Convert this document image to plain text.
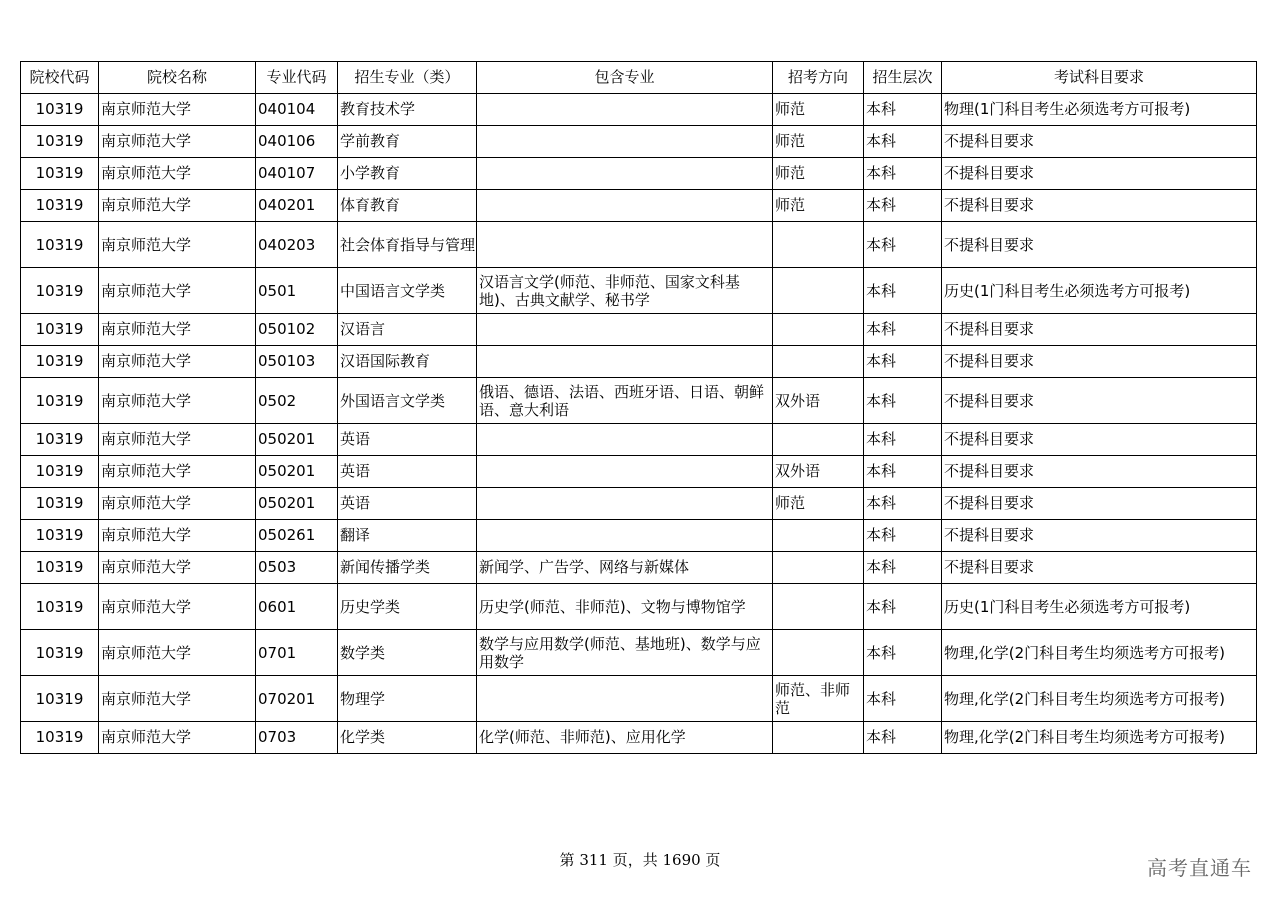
院校代码	院校名称	专业代码	招生专业（类）	包含专业	招考方向	招生层次	考试科目要求
10319	南京师范大学	040104	教育技术学		师范	本科	物理(1门科目考生必须选考方可报考)
10319	南京师范大学	040106	学前教育		师范	本科	不提科目要求
10319	南京师范大学	040107	小学教育		师范	本科	不提科目要求
10319	南京师范大学	040201	体育教育		师范	本科	不提科目要求
10319	南京师范大学	040203	社会体育指导与管理			本科	不提科目要求
10319	南京师范大学	0501	中国语言文学类	汉语言文学(师范、非师范、国家文科基地)、古典文献学、秘书学		本科	历史(1门科目考生必须选考方可报考)
10319	南京师范大学	050102	汉语言			本科	不提科目要求
10319	南京师范大学	050103	汉语国际教育			本科	不提科目要求
10319	南京师范大学	0502	外国语言文学类	俄语、德语、法语、西班牙语、日语、朝鲜语、意大利语	双外语	本科	不提科目要求
10319	南京师范大学	050201	英语			本科	不提科目要求
10319	南京师范大学	050201	英语		双外语	本科	不提科目要求
10319	南京师范大学	050201	英语		师范	本科	不提科目要求
10319	南京师范大学	050261	翻译			本科	不提科目要求
10319	南京师范大学	0503	新闻传播学类	新闻学、广告学、网络与新媒体		本科	不提科目要求
10319	南京师范大学	0601	历史学类	历史学(师范、非师范)、文物与博物馆学		本科	历史(1门科目考生必须选考方可报考)
10319	南京师范大学	0701	数学类	数学与应用数学(师范、基地班)、数学与应用数学		本科	物理,化学(2门科目考生均须选考方可报考)
10319	南京师范大学	070201	物理学		师范、非师范	本科	物理,化学(2门科目考生均须选考方可报考)
10319	南京师范大学	0703	化学类	化学(师范、非师范)、应用化学		本科	物理,化学(2门科目考生均须选考方可报考)
第 311 页，共 1690 页	高考直通车
